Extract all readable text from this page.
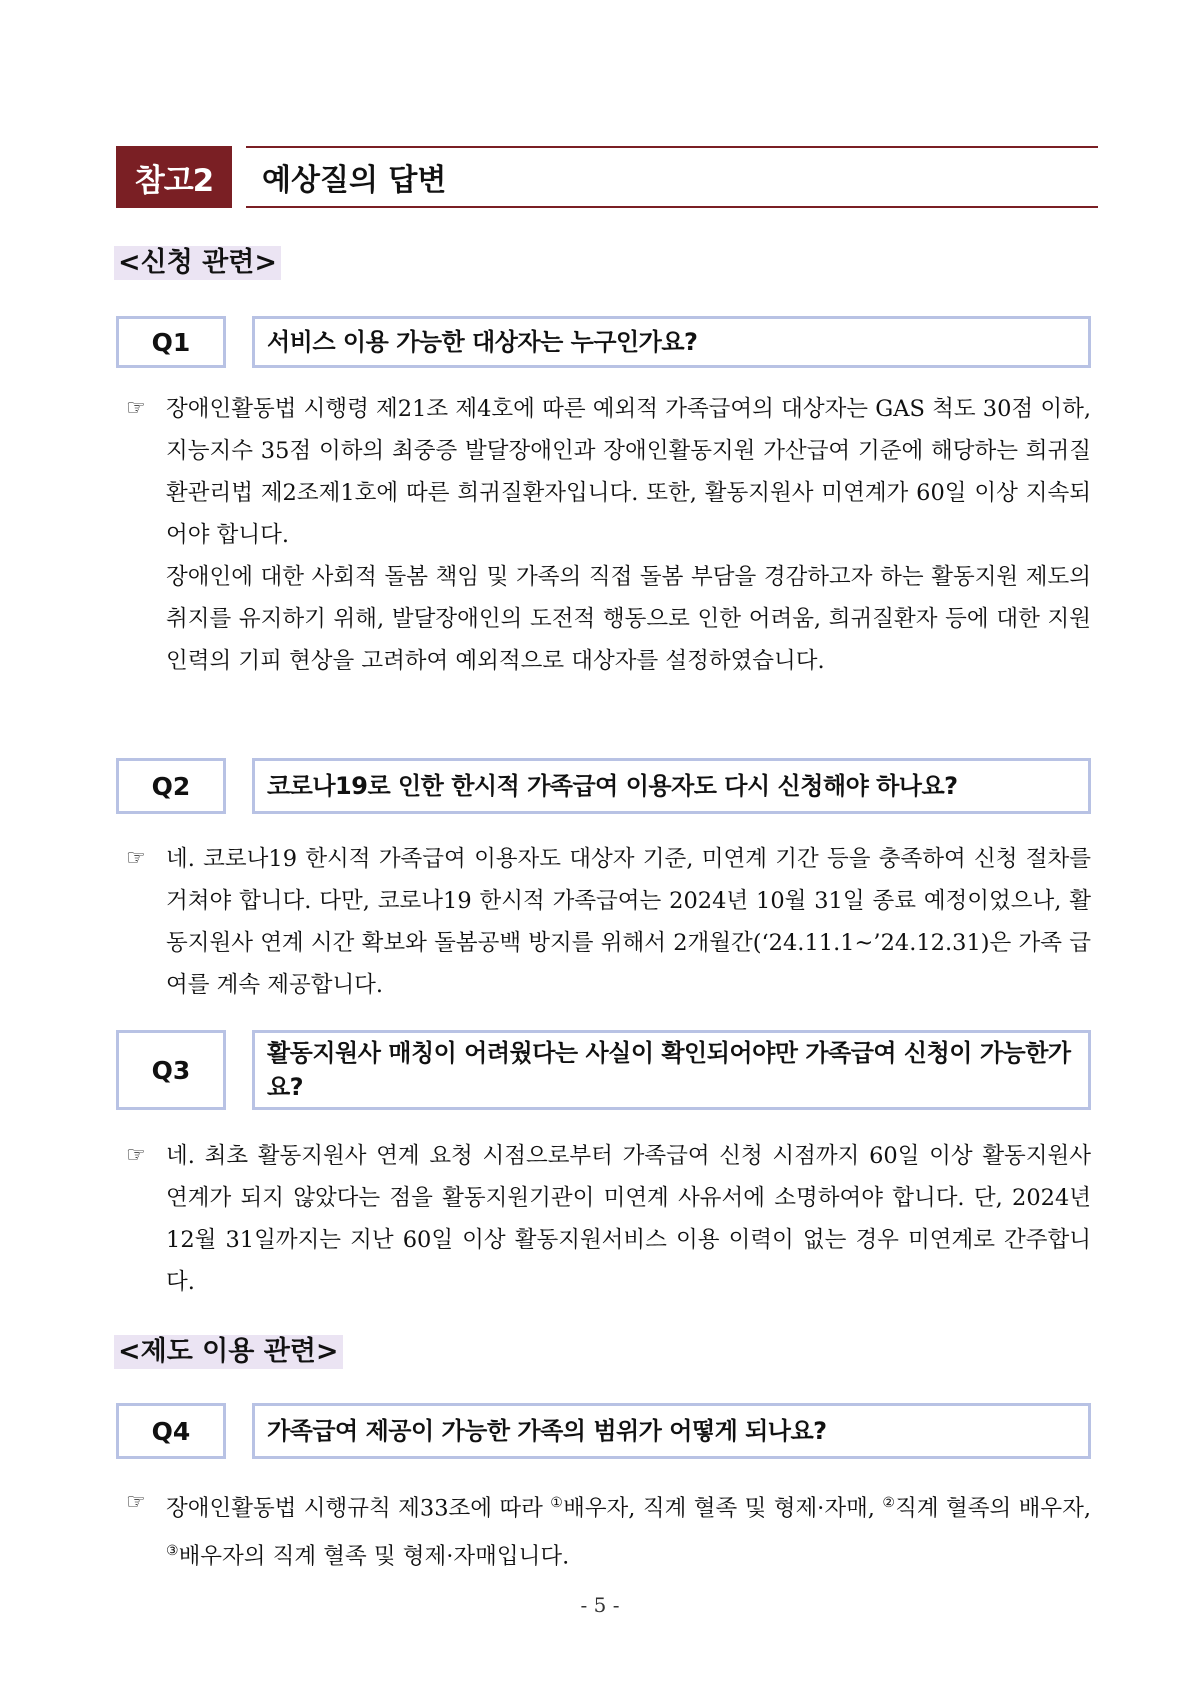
참고2	예상질의 답변
<신청 관련>
Q1	서비스 이용 가능한 대상자는 누구인가요?
☞ 장애인활동법 시행령 제21조 제4호에 따른 예외적 가족급여의 대상자는 GAS 척도 30점 이하, 지능지수 35점 이하의 최중증 발달장애인과 장애인활동지원 가산급여 기준에 해당하는 희귀질환관리법 제2조제1호에 따른 희귀질환자입니다. 또한, 활동지원사 미연계가 60일 이상 지속되어야 합니다.

장애인에 대한 사회적 돌봄 책임 및 가족의 직접 돌봄 부담을 경감하고자 하는 활동지원 제도의 취지를 유지하기 위해, 발달장애인의 도전적 행동으로 인한 어려움, 희귀질환자 등에 대한 지원인력의 기피 현상을 고려하여 예외적으로 대상자를 설정하였습니다.

Q2	코로나19로 인한 한시적 가족급여 이용자도 다시 신청해야 하나요?
☞ 네. 코로나19 한시적 가족급여 이용자도 대상자 기준, 미연계 기간 등을 충족하여 신청 절차를 거쳐야 합니다. 다만, 코로나19 한시적 가족급여는 2024년 10월 31일 종료 예정이었으나, 활동지원사 연계 시간 확보와 돌봄공백 방지를 위해서 2개월간(‘24.11.1~’24.12.31)은 가족 급여를 계속 제공합니다.

Q3
활동지원사 매칭이 어려웠다는 사실이 확인되어야만 가족급여 신청이 가능한가요?
☞ 네. 최초 활동지원사 연계 요청 시점으로부터 가족급여 신청 시점까지 60일 이상 활동지원사 연계가 되지 않았다는 점을 활동지원기관이 미연계 사유서에 소명하여야 합니다. 단, 2024년 12월 31일까지는 지난 60일 이상 활동지원서비스 이용 이력이 없는 경우 미연계로 간주합니다.

<제도 이용 관련>
Q4	가족급여 제공이 가능한 가족의 범위가 어떻게 되나요?
☞ 장애인활동법 시행규칙 제33조에 따라 ①배우자, 직계 혈족 및 형제·자매, ②직계 혈족의 배우자, ③배우자의 직계 혈족 및 형제·자매입니다.

- 5 -
